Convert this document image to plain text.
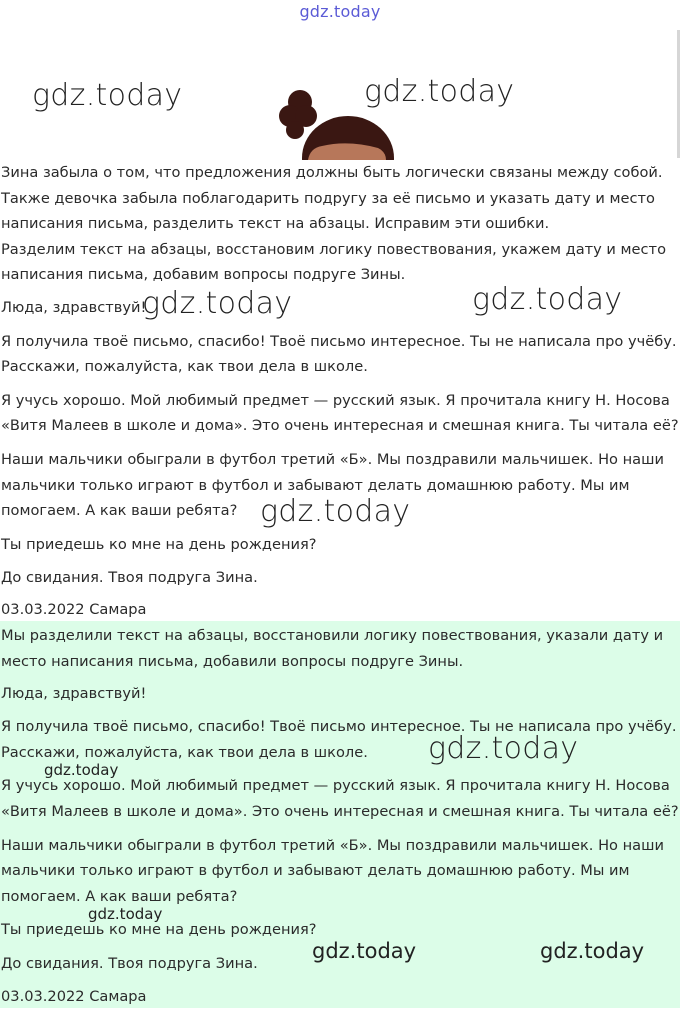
gdz.today
Зина забыла о том, что предложения должны быть логически связаны между собой.
Также девочка забыла поблагодарить подругу за её письмо и указать дату и место
написания письма, разделить текст на абзацы. Исправим эти ошибки.
Разделим текст на абзацы, восстановим логику повествования, укажем дату и место
написания письма, добавим вопросы подруге Зины.
Люда, здравствуй!
Я получила твоё письмо, спасибо! Твоё письмо интересное. Ты не написала про учёбу.
Расскажи, пожалуйста, как твои дела в школе.
Я учусь хорошо. Мой любимый предмет — русский язык. Я прочитала книгу Н. Носова
«Витя Малеев в школе и дома». Это очень интересная и смешная книга. Ты читала её?
Наши мальчики обыграли в футбол третий «Б». Мы поздравили мальчишек. Но наши
мальчики только играют в футбол и забывают делать домашнюю работу. Мы им
помогаем. А как ваши ребята?
Ты приедешь ко мне на день рождения?
До свидания. Твоя подруга Зина.
03.03.2022 Самара
Мы разделили текст на абзацы, восстановили логику повествования, указали дату и
место написания письма, добавили вопросы подруге Зины.
Люда, здравствуй!
Я получила твоё письмо, спасибо! Твоё письмо интересное. Ты не написала про учёбу.
Расскажи, пожалуйста, как твои дела в школе.
Я учусь хорошо. Мой любимый предмет — русский язык. Я прочитала книгу Н. Носова
«Витя Малеев в школе и дома». Это очень интересная и смешная книга. Ты читала её?
Наши мальчики обыграли в футбол третий «Б». Мы поздравили мальчишек. Но наши
мальчики только играют в футбол и забывают делать домашнюю работу. Мы им
помогаем. А как ваши ребята?
Ты приедешь ко мне на день рождения?
До свидания. Твоя подруга Зина.
03.03.2022 Самара
gdz.today	gdz.today
gdz.today	gdz.today
gdz.today
gdz.today
gdz.today
gdz.today
gdz.today	gdz.today
